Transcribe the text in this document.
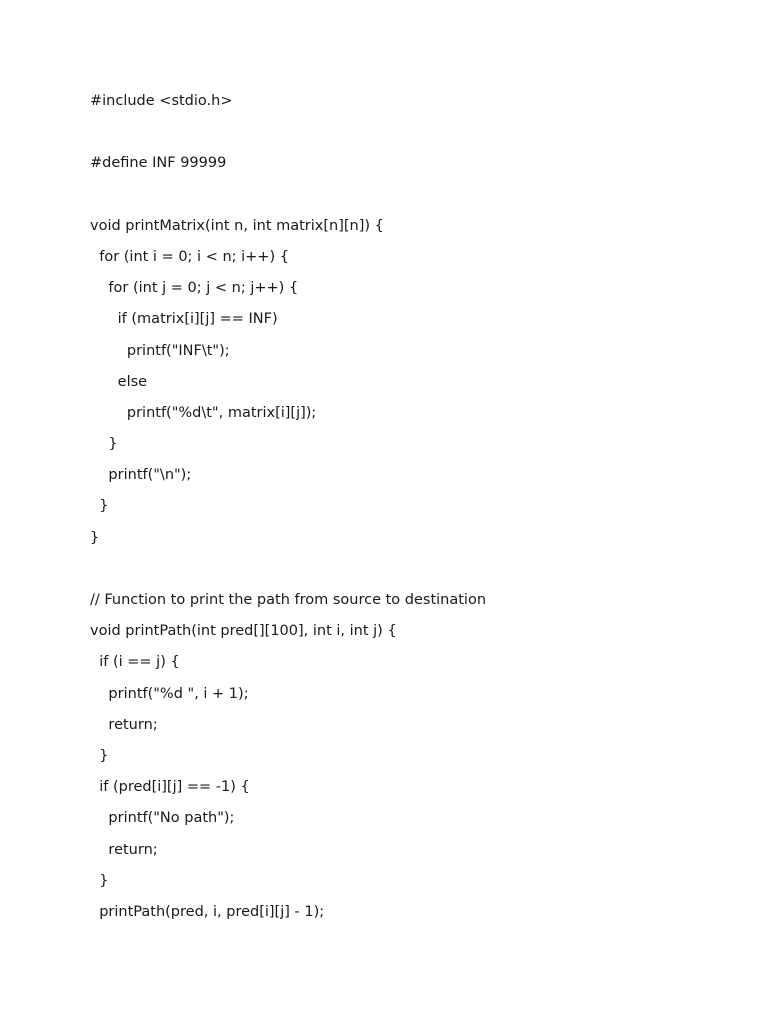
#include <stdio.h>
#define INF 99999
void printMatrix(int n, int matrix[n][n]) {
for (int i = 0; i < n; i++) {
for (int j = 0; j < n; j++) {
if (matrix[i][j] == INF)
printf("INF\t");
else
printf("%d\t", matrix[i][j]);
}
printf("\n");
}
}
// Function to print the path from source to destination
void printPath(int pred[][100], int i, int j) {
if (i == j) {
printf("%d ", i + 1);
return;
}
if (pred[i][j] == -1) {
printf("No path");
return;
}
printPath(pred, i, pred[i][j] - 1);
